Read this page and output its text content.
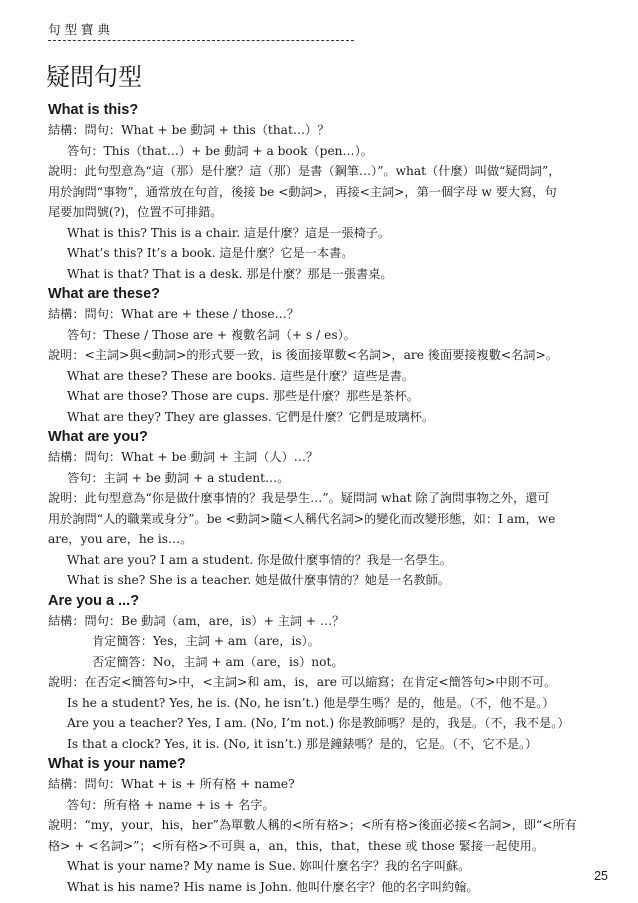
句型寶典
疑問句型
What is this?
結構：問句：What + be 動詞 + this（that…）？
答句：This（that…）+ be 動詞 + a book（pen…）。
說明：此句型意為“這（那）是什麼？這（那）是書（鋼筆…）”。what（什麼）叫做“疑問詞”，
用於詢問“事物”，通常放在句首，後接 be <動詞>，再接<主詞>，第一個字母 w 要大寫，句
尾要加問號(?)，位置不可排錯。
What is this? This is a chair. 這是什麼？這是一張椅子。
What’s this? It’s a book. 這是什麼？它是一本書。
What is that? That is a desk. 那是什麼？那是一張書桌。
What are these?
結構：問句：What are + these / those…？
答句：These / Those are + 複數名詞（+ s / es）。
說明：<主詞>與<動詞>的形式要一致，is 後面接單數<名詞>，are 後面要接複數<名詞>。
What are these? These are books. 這些是什麼？這些是書。
What are those? Those are cups. 那些是什麼？那些是茶杯。
What are they? They are glasses. 它們是什麼？它們是玻璃杯。
What are you?
結構：問句：What + be 動詞 + 主詞（人）…？
答句：主詞 + be 動詞 + a student…。
說明：此句型意為“你是做什麼事情的？我是學生…”。疑問詞 what 除了詢問事物之外，還可
用於詢問“人的職業或身分”。be <動詞>隨<人稱代名詞>的變化而改變形態，如：I am，we
are，you are，he is…。
What are you? I am a student. 你是做什麼事情的？我是一名學生。
What is she? She is a teacher. 她是做什麼事情的？她是一名教師。
Are you a ...?
結構：問句：Be 動詞（am，are，is）+ 主詞 + …？
肯定簡答：Yes，主詞 + am（are，is）。
否定簡答：No，主詞 + am（are，is）not。
說明：在否定<簡答句>中，<主詞>和 am，is，are 可以縮寫；在肯定<簡答句>中則不可。
Is he a student? Yes, he is. (No, he isn’t.) 他是學生嗎？是的，他是。（不，他不是。）
Are you a teacher? Yes, I am. (No, I’m not.) 你是教師嗎？是的，我是。（不，我不是。）
Is that a clock? Yes, it is. (No, it isn’t.) 那是鐘錶嗎？是的，它是。（不，它不是。）
What is your name?
結構：問句：What + is + 所有格 + name?
答句：所有格 + name + is + 名字。
說明：“my，your，his，her”為單數人稱的<所有格>；<所有格>後面必接<名詞>，即“<所有
格> + <名詞>”；<所有格>不可與 a，an，this，that，these 或 those 緊接一起使用。
What is your name? My name is Sue. 妳叫什麼名字？我的名字叫蘇。
What is his name? His name is John. 他叫什麼名字？他的名字叫約翰。
25
